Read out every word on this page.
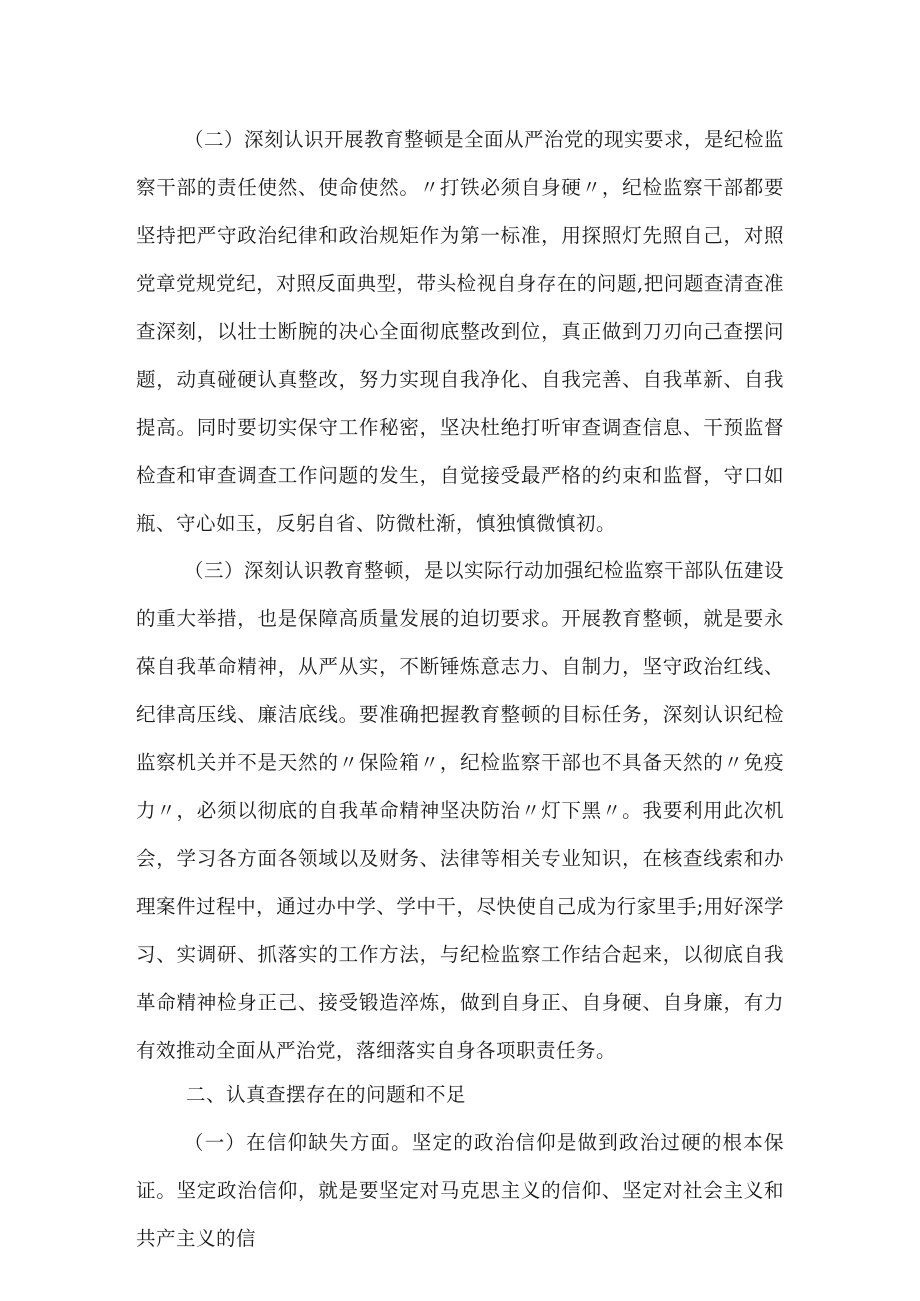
（二）深刻认识开展教育整顿是全面从严治党的现实要求，是纪检监察干部的责任使然、使命使然。〃打铁必须自身硬〃，纪检监察干部都要坚持把严守政治纪律和政治规矩作为第一标准，用探照灯先照自己，对照党章党规党纪，对照反面典型，带头检视自身存在的问题,把问题查清查准查深刻，以壮士断腕的决心全面彻底整改到位，真正做到刀刃向己查摆问题，动真碰硬认真整改，努力实现自我净化、自我完善、自我革新、自我提高。同时要切实保守工作秘密，坚决杜绝打听审查调查信息、干预监督检查和审查调查工作问题的发生，自觉接受最严格的约束和监督，守口如瓶、守心如玉，反躬自省、防微杜渐，慎独慎微慎初。

（三）深刻认识教育整顿，是以实际行动加强纪检监察干部队伍建设的重大举措，也是保障高质量发展的迫切要求。开展教育整顿，就是要永葆自我革命精神，从严从实，不断锤炼意志力、自制力，坚守政治红线、纪律高压线、廉洁底线。要准确把握教育整顿的目标任务，深刻认识纪检监察机关并不是天然的〃保险箱〃，纪检监察干部也不具备天然的〃免疫力〃，必须以彻底的自我革命精神坚决防治〃灯下黑〃。我要利用此次机会，学习各方面各领域以及财务、法律等相关专业知识，在核查线索和办理案件过程中，通过办中学、学中干，尽快使自己成为行家里手;用好深学习、实调研、抓落实的工作方法，与纪检监察工作结合起来，以彻底自我革命精神检身正己、接受锻造淬炼，做到自身正、自身硬、自身廉，有力有效推动全面从严治党，落细落实自身各项职责任务。

二、认真查摆存在的问题和不足

（一）在信仰缺失方面。坚定的政治信仰是做到政治过硬的根本保证。坚定政治信仰，就是要坚定对马克思主义的信仰、坚定对社会主义和共产主义的信
